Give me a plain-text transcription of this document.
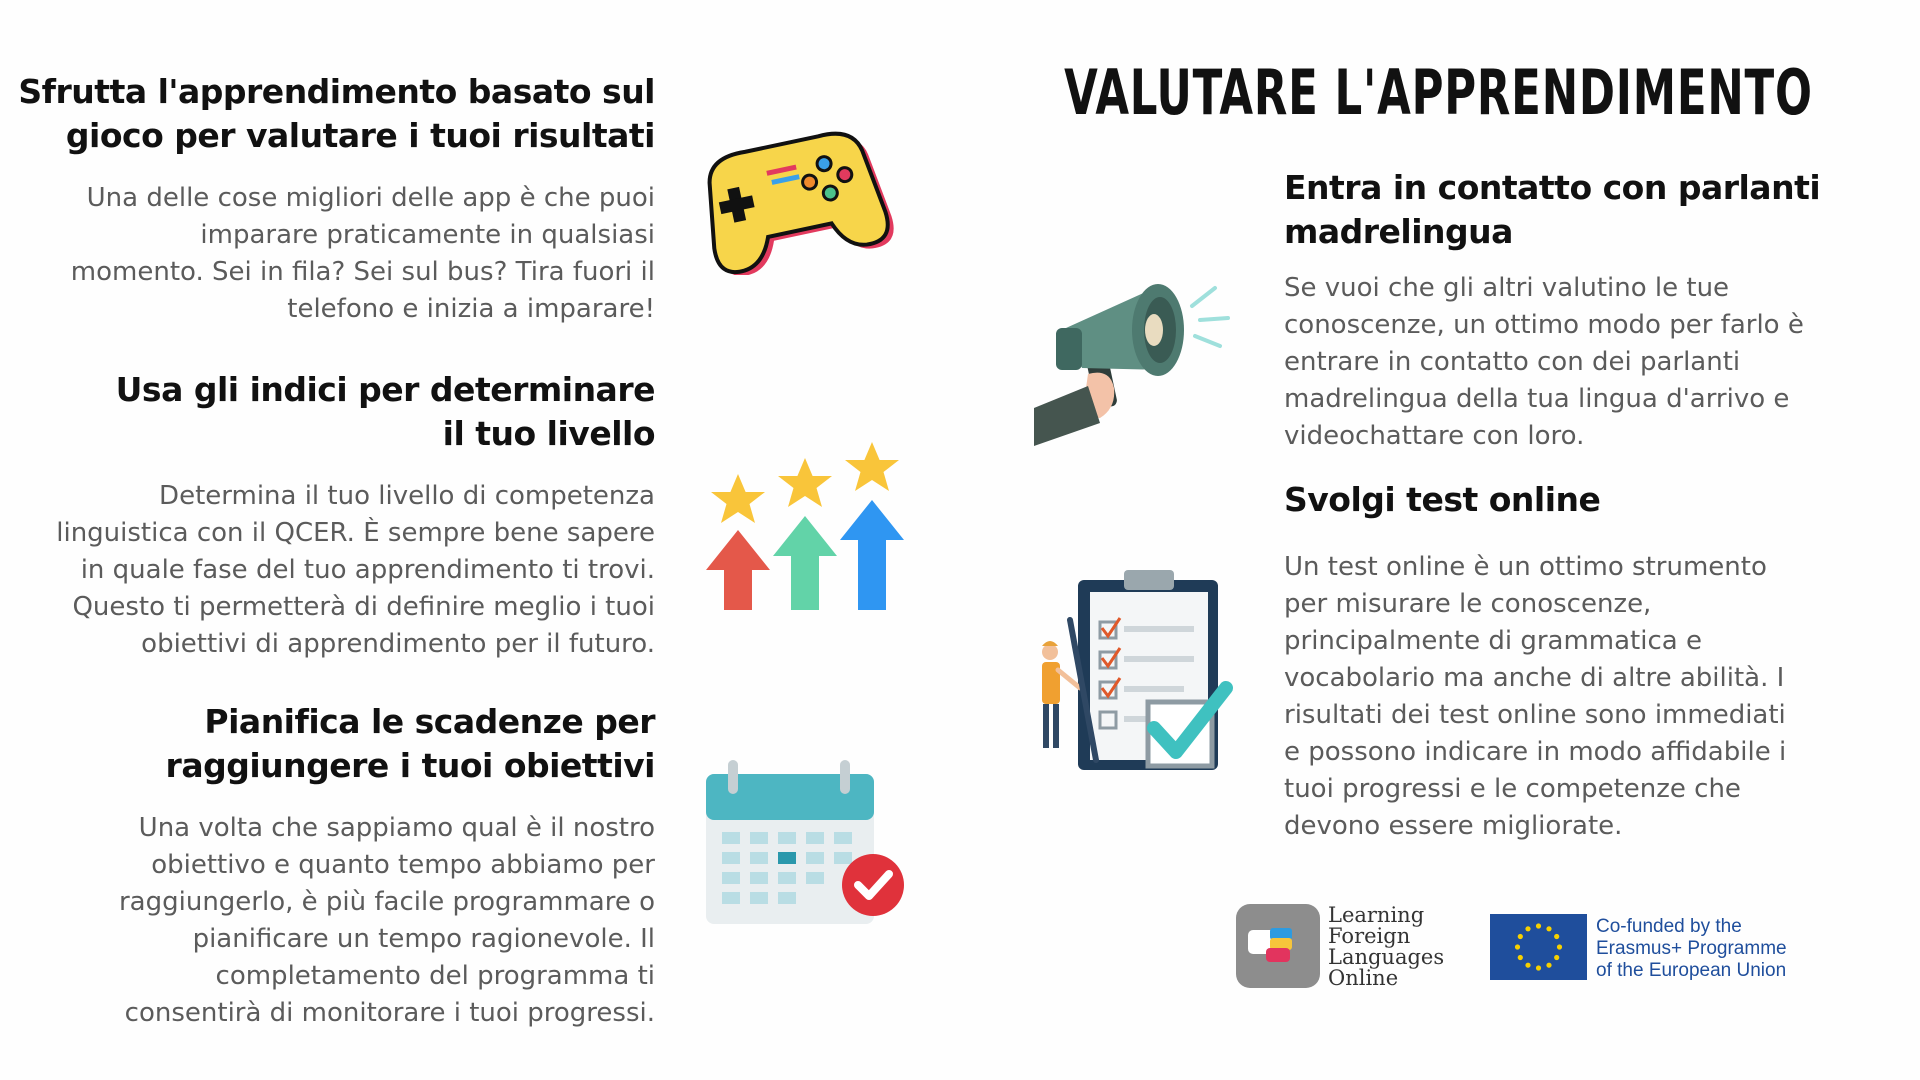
VALUTARE L'APPRENDIMENTO
Sfrutta l'apprendimento basato sul
gioco per valutare i tuoi risultati
Una delle cose migliori delle app è che puoi
imparare praticamente in qualsiasi
momento. Sei in fila? Sei sul bus? Tira fuori il
telefono e inizia a imparare!
Usa gli indici per determinare
il tuo livello
Determina il tuo livello di competenza
linguistica con il QCER. È sempre bene sapere
in quale fase del tuo apprendimento ti trovi.
Questo ti permetterà di definire meglio i tuoi
obiettivi di apprendimento per il futuro.
Pianifica le scadenze per
raggiungere i tuoi obiettivi
Una volta che sappiamo qual è il nostro
obiettivo e quanto tempo abbiamo per
raggiungerlo, è più facile programmare o
pianificare un tempo ragionevole. Il
completamento del programma ti
consentirà di monitorare i tuoi progressi.
Entra in contatto con parlanti
madrelingua
Se vuoi che gli altri valutino le tue
conoscenze, un ottimo modo per farlo è
entrare in contatto con dei parlanti
madrelingua della tua lingua d'arrivo e
videochattare con loro.
Svolgi test online
Un test online è un ottimo strumento
per misurare le conoscenze,
principalmente di grammatica e
vocabolario ma anche di altre abilità. I
risultati dei test online sono immediati
e possono indicare in modo affidabile i
tuoi progressi e le competenze che
devono essere migliorate.
Learning
Foreign
Languages
Online
Co-funded by the
Erasmus+ Programme
of the European Union
